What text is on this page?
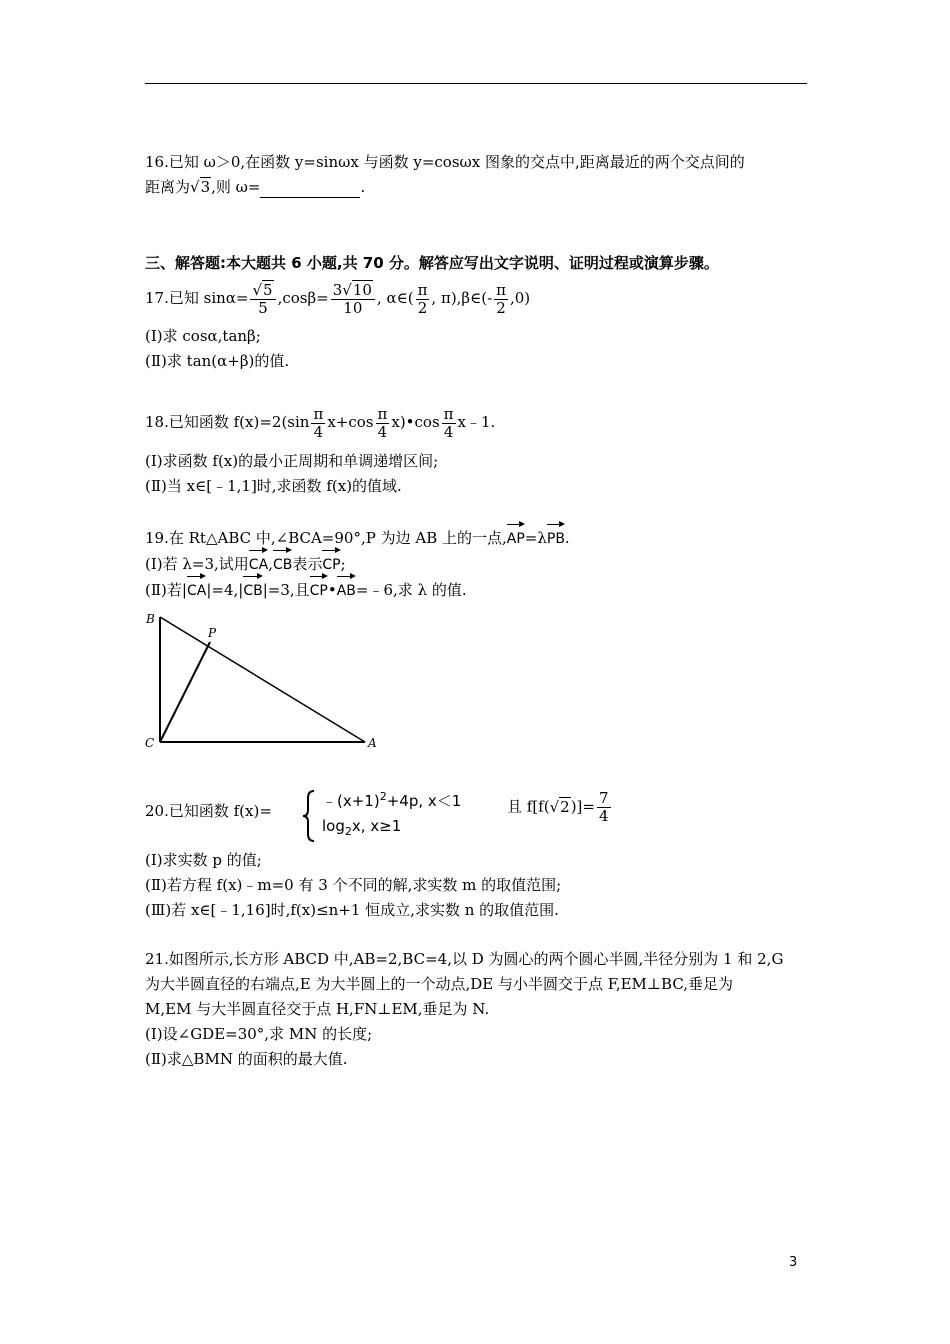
16.已知 ω＞0,在函数 y=sinωx 与函数 y=cosωx 图象的交点中,距离最近的两个交点间的
距离为√3,则 ω=	.
三、解答题:本大题共 6 小题,共 70 分。解答应写出文字说明、证明过程或演算步骤。
17.已知 $\sin\alpha= \frac{√5}{5} ,\cos\beta= \frac{3√10}{10}$ , α∈( $\frac{\pi}{2}$ , π),β∈(- $\frac{\pi}{2} ,0$)
(Ⅰ)求 cosα,tanβ;
(Ⅱ)求 tan(α+β)的值.
18.已知函数 $f(x)=2(\sin \frac{\pi}{4} x+\cos \frac{\pi}{4}$ x)•cos $\frac{\pi}{4}$ x﹣1.
(Ⅰ)求函数 f(x)的最小正周期和单调递增区间;
(Ⅱ)当 x∈[﹣1,1]时,求函数 f(x)的值域.
19.在 Rt△ABC 中,∠BCA=90°,P 为边 AB 上的一点,AP=λPB.
(Ⅰ)若 λ=3,试用CA,CB表示CP;
(Ⅱ)若|CA|=4,|CB|=3,且CP•AB=﹣6,求 λ 的值.
B
P
C	A
20.已知函数 f(x)=
$﹣(x+1)^2+4p$, x＜1
$\log_2x$, x≥1
且 $f[f(√2)]= \frac{7}{4}$
(Ⅰ)求实数 p 的值;
(Ⅱ)若方程 f(x)﹣m=0 有 3 个不同的解,求实数 m 的取值范围;
(Ⅲ)若 x∈[﹣1,16]时,f(x)≤n+1 恒成立,求实数 n 的取值范围.
21.如图所示,长方形 ABCD 中,AB=2,BC=4,以 D 为圆心的两个圆心半圆,半径分别为 1 和 2,G
为大半圆直径的右端点,E 为大半圆上的一个动点,DE 与小半圆交于点 F,EM⊥BC,垂足为
M,EM 与大半圆直径交于点 H,FN⊥EM,垂足为 N.
(Ⅰ)设∠GDE=30°,求 MN 的长度;
(Ⅱ)求△BMN 的面积的最大值.
3
